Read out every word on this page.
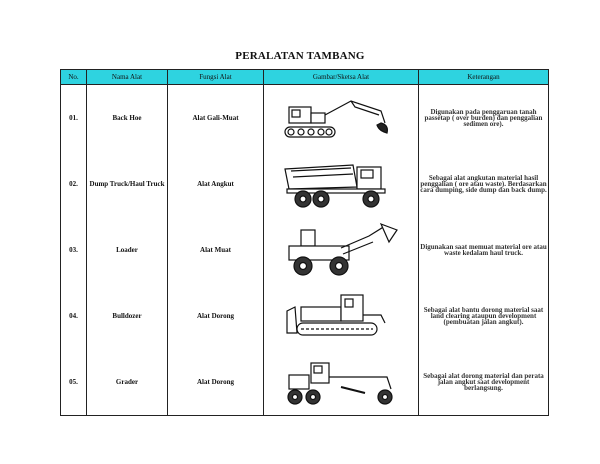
PERALATAN TAMBANG
No.	Nama Alat	Fungsi Alat	Gambar/Sketsa Alat	Keterangan
01.	Back Hoe	Alat Gali-Muat		Digunakan pada penggaruan tanah passetap ( over burden) dan penggalian sedimen ore).
02.	Dump Truck/Haul Truck	Alat Angkut		Sebagai alat angkutan material hasil penggalian ( ore atau waste). Berdasarkan cara dumping, side dump dan back dump.
03.	Loader	Alat Muat		Digunakan saat memuat material ore atau waste kedalam haul truck.
04.	Bulldozer	Alat Dorong		Sebagai alat bantu dorong material saat land clearing ataupun development (pembuatan jalan angkut).
05.	Grader	Alat Dorong		Sebagai alat dorong material dan perata jalan angkut saat development berlangsung.
